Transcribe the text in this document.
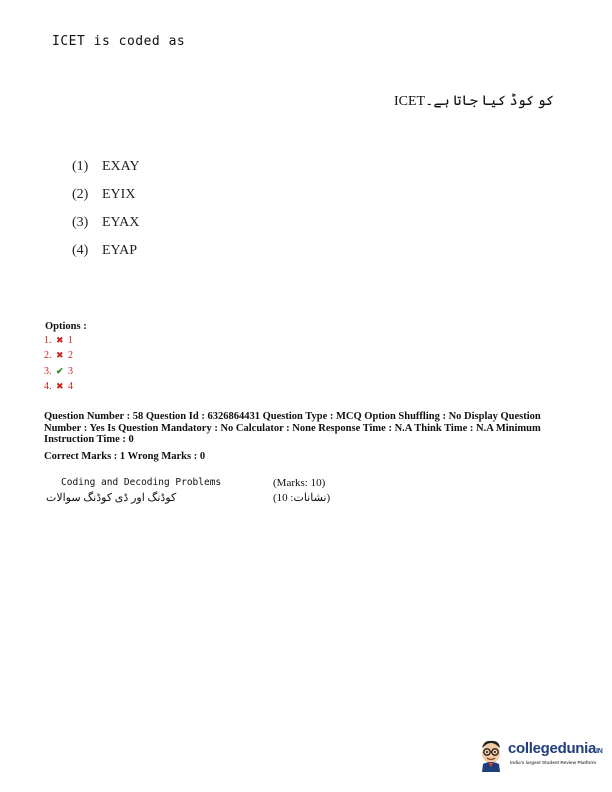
ICET is coded as
ICETکو کوڈ کیا جاتا ہے۔
(1) EXAY
(2) EYIX
(3) EYAX
(4) EYAP
Options :
1. ✖ 1
2. ✖ 2
3. ✔ 3
4. ✖ 4
Question Number : 58 Question Id : 6326864431 Question Type : MCQ Option Shuffling : No Display Question Number : Yes Is Question Mandatory : No Calculator : None Response Time : N.A Think Time : N.A Minimum Instruction Time : 0
Correct Marks : 1 Wrong Marks : 0
Coding and Decoding Problems
کوڈنگ اور ڈی کوڈنگ سوالات
(Marks: 10)
(نشانات: 10)
collegeduniaIN
India's largest Student Review Platform
